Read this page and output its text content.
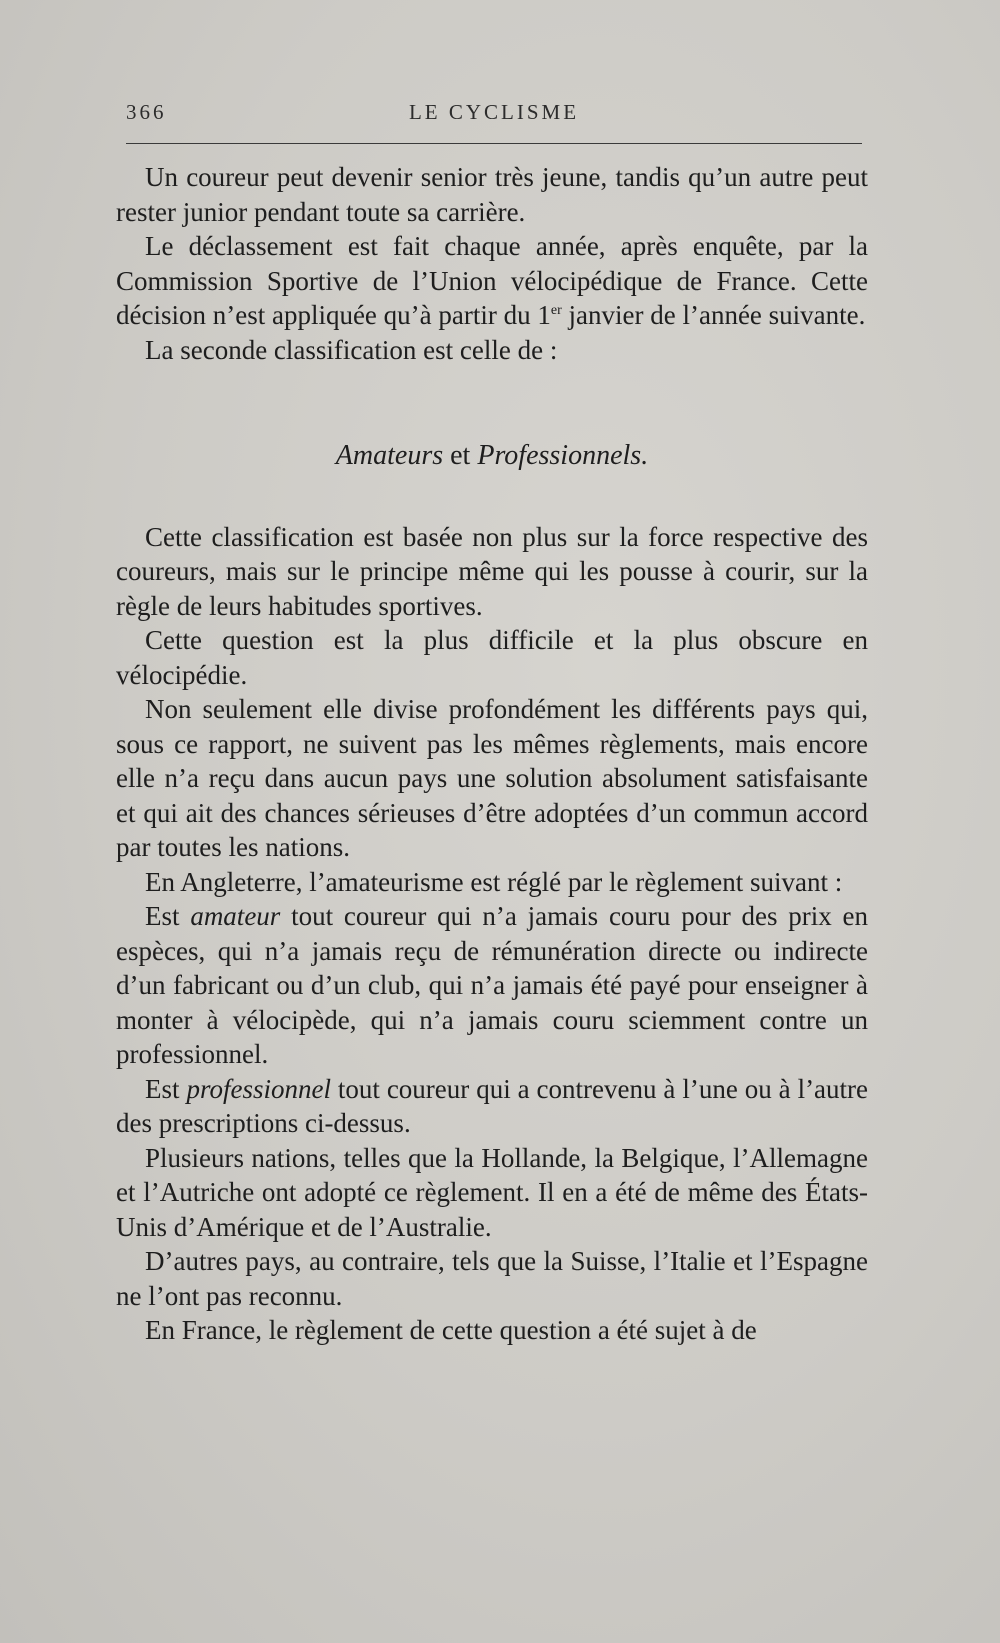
366	LE CYCLISME

Un coureur peut devenir senior très jeune, tandis qu’un autre peut rester junior pendant toute sa carrière.

Le déclassement est fait chaque année, après enquête, par la Commission Sportive de l’Union vélocipédique de France. Cette décision n’est appliquée qu’à partir du 1er janvier de l’année suivante.

La seconde classification est celle de :

Amateurs et Professionnels.

Cette classification est basée non plus sur la force respective des coureurs, mais sur le principe même qui les pousse à courir, sur la règle de leurs habitudes sportives.

Cette question est la plus difficile et la plus obscure en vélocipédie.

Non seulement elle divise profondément les différents pays qui, sous ce rapport, ne suivent pas les mêmes règlements, mais encore elle n’a reçu dans aucun pays une solution absolument satisfaisante et qui ait des chances sérieuses d’être adoptées d’un commun accord par toutes les nations.

En Angleterre, l’amateurisme est réglé par le règlement suivant :

Est amateur tout coureur qui n’a jamais couru pour des prix en espèces, qui n’a jamais reçu de rémunération directe ou indirecte d’un fabricant ou d’un club, qui n’a jamais été payé pour enseigner à monter à vélocipède, qui n’a jamais couru sciemment contre un professionnel.

Est professionnel tout coureur qui a contrevenu à l’une ou à l’autre des prescriptions ci-dessus.

Plusieurs nations, telles que la Hollande, la Belgique, l’Allemagne et l’Autriche ont adopté ce règlement. Il en a été de même des États-Unis d’Amérique et de l’Australie.

D’autres pays, au contraire, tels que la Suisse, l’Italie et l’Espagne ne l’ont pas reconnu.

En France, le règlement de cette question a été sujet à de
